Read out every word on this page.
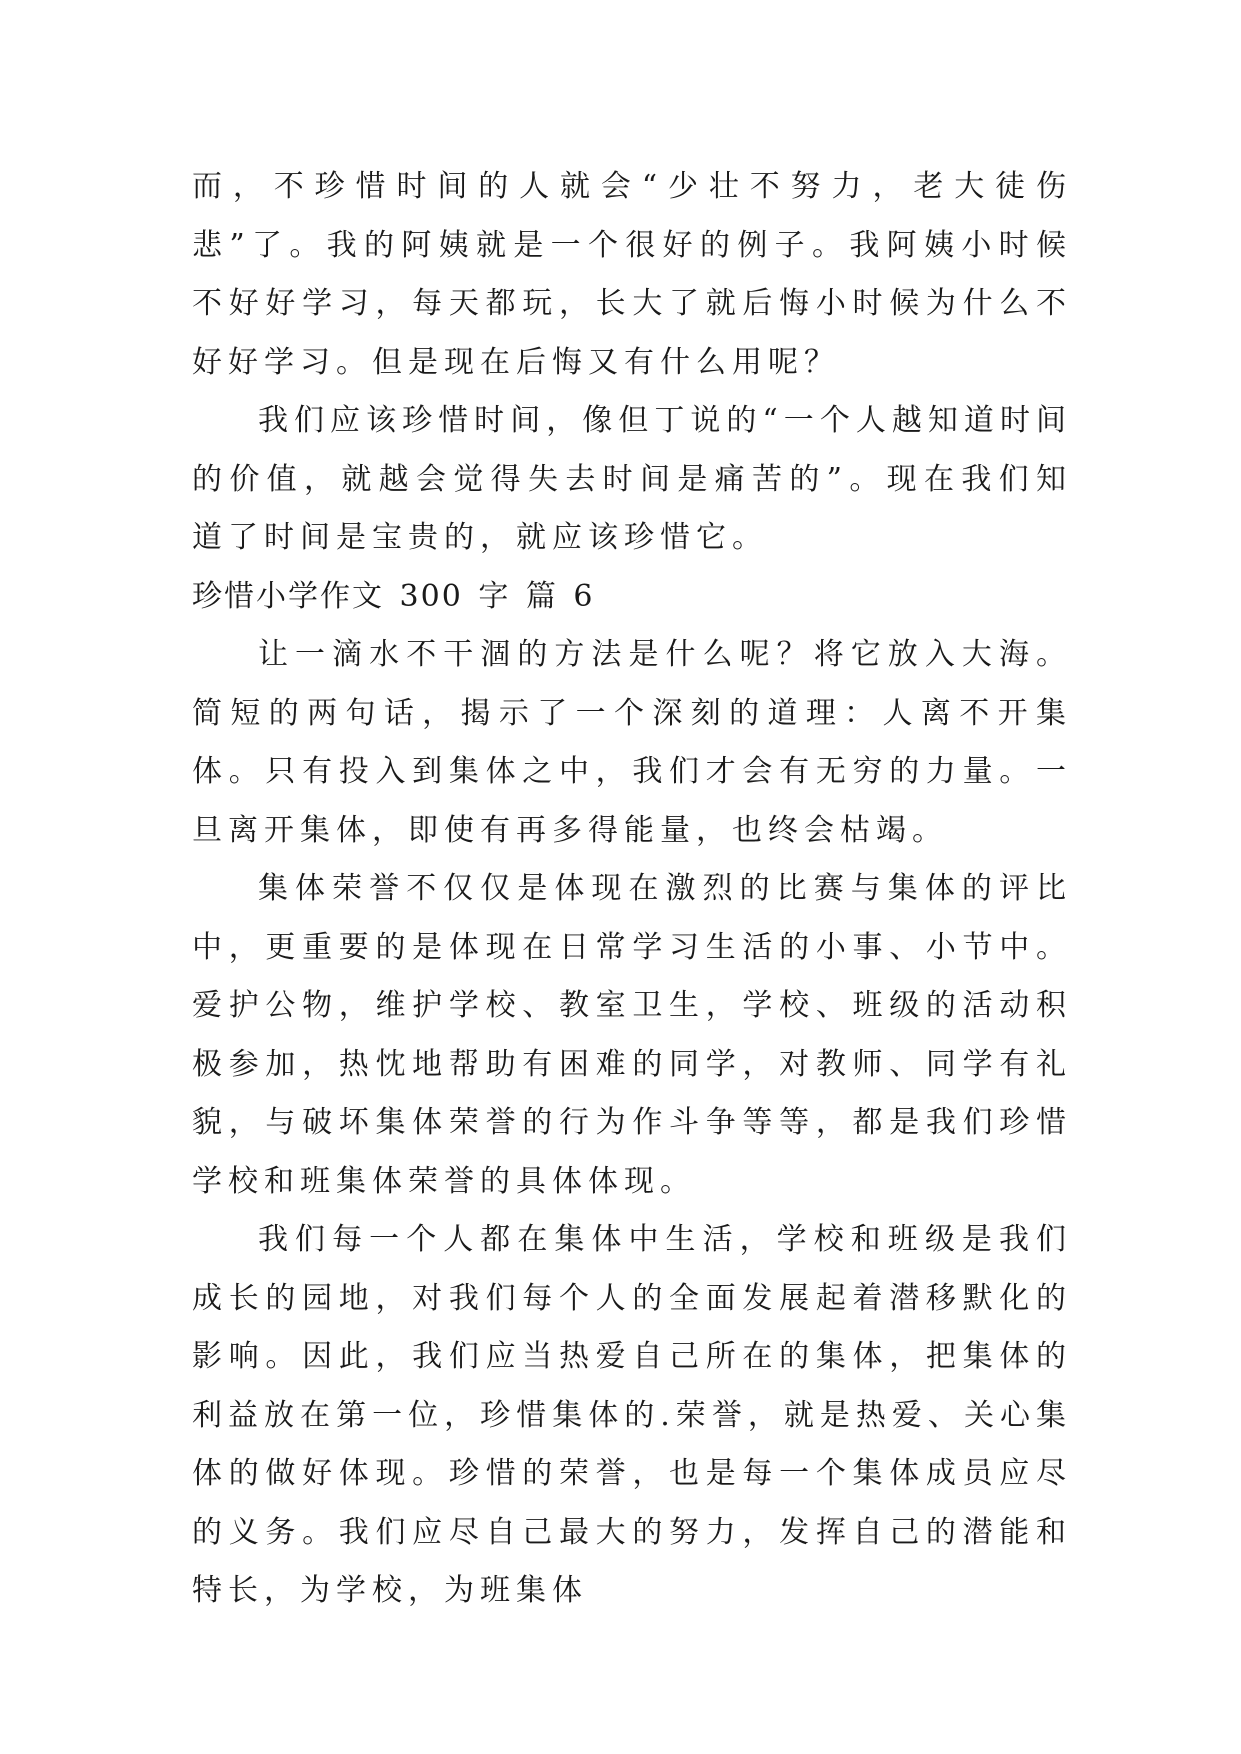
而，不珍惜时间的人就会“少壮不努力，老大徒伤悲”了。我的阿姨就是一个很好的例子。我阿姨小时候不好好学习，每天都玩，长大了就后悔小时候为什么不好好学习。但是现在后悔又有什么用呢？

我们应该珍惜时间，像但丁说的“一个人越知道时间的价值，就越会觉得失去时间是痛苦的”。现在我们知道了时间是宝贵的，就应该珍惜它。

珍惜小学作文 300 字 篇 6

让一滴水不干涸的方法是什么呢？将它放入大海。简短的两句话，揭示了一个深刻的道理：人离不开集体。只有投入到集体之中，我们才会有无穷的力量。一旦离开集体，即使有再多得能量，也终会枯竭。

集体荣誉不仅仅是体现在激烈的比赛与集体的评比中，更重要的是体现在日常学习生活的小事、小节中。爱护公物，维护学校、教室卫生，学校、班级的活动积极参加，热忱地帮助有困难的同学，对教师、同学有礼貌，与破坏集体荣誉的行为作斗争等等，都是我们珍惜学校和班集体荣誉的具体体现。

我们每一个人都在集体中生活，学校和班级是我们成长的园地，对我们每个人的全面发展起着潜移默化的影响。因此，我们应当热爱自己所在的集体，把集体的利益放在第一位，珍惜集体的.荣誉，就是热爱、关心集体的做好体现。珍惜的荣誉，也是每一个集体成员应尽的义务。我们应尽自己最大的努力，发挥自己的潜能和特长，为学校，为班集体
